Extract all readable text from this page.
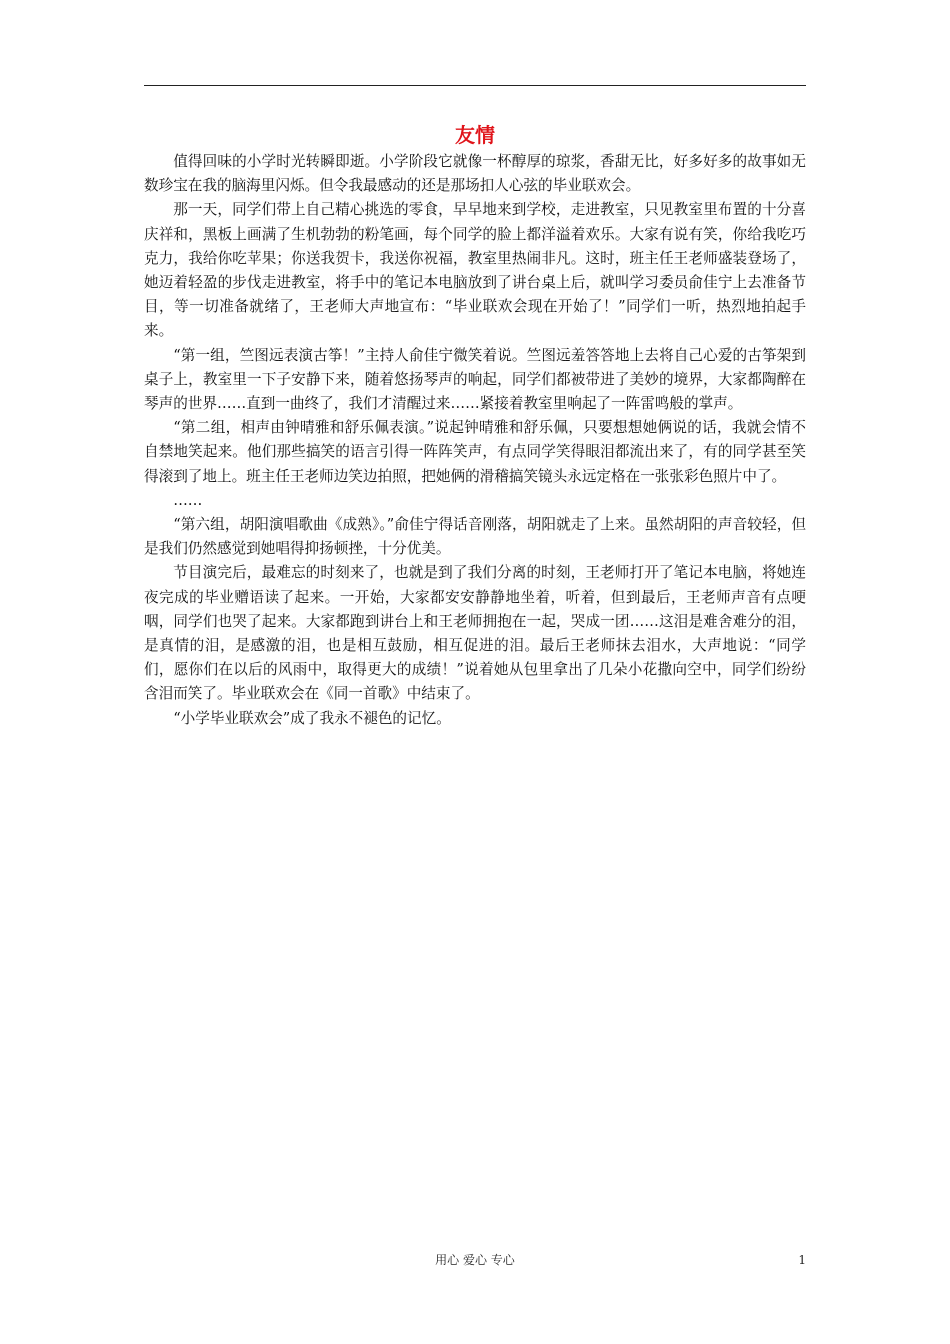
友情

值得回味的小学时光转瞬即逝。小学阶段它就像一杯醇厚的琼浆，香甜无比，好多好多的故事如无数珍宝在我的脑海里闪烁。但令我最感动的还是那场扣人心弦的毕业联欢会。

那一天，同学们带上自己精心挑选的零食，早早地来到学校，走进教室，只见教室里布置的十分喜庆祥和，黑板上画满了生机勃勃的粉笔画，每个同学的脸上都洋溢着欢乐。大家有说有笑，你给我吃巧克力，我给你吃苹果；你送我贺卡，我送你祝福，教室里热闹非凡。这时，班主任王老师盛装登场了，她迈着轻盈的步伐走进教室，将手中的笔记本电脑放到了讲台桌上后，就叫学习委员俞佳宁上去准备节目，等一切准备就绪了，王老师大声地宣布：“毕业联欢会现在开始了！”同学们一听，热烈地拍起手来。

“第一组，竺图远表演古筝！”主持人俞佳宁微笑着说。竺图远羞答答地上去将自己心爱的古筝架到桌子上，教室里一下子安静下来，随着悠扬琴声的响起，同学们都被带进了美妙的境界，大家都陶醉在琴声的世界……直到一曲终了，我们才清醒过来……紧接着教室里响起了一阵雷鸣般的掌声。

“第二组，相声由钟晴雅和舒乐佩表演。”说起钟晴雅和舒乐佩，只要想想她俩说的话，我就会情不自禁地笑起来。他们那些搞笑的语言引得一阵阵笑声，有点同学笑得眼泪都流出来了，有的同学甚至笑得滚到了地上。班主任王老师边笑边拍照，把她俩的滑稽搞笑镜头永远定格在一张张彩色照片中了。

……

“第六组，胡阳演唱歌曲《成熟》。”俞佳宁得话音刚落，胡阳就走了上来。虽然胡阳的声音较轻，但是我们仍然感觉到她唱得抑扬顿挫，十分优美。

节目演完后，最难忘的时刻来了，也就是到了我们分离的时刻，王老师打开了笔记本电脑，将她连夜完成的毕业赠语读了起来。一开始，大家都安安静静地坐着，听着，但到最后，王老师声音有点哽咽，同学们也哭了起来。大家都跑到讲台上和王老师拥抱在一起，哭成一团……这泪是难舍难分的泪，是真情的泪，是感激的泪，也是相互鼓励，相互促进的泪。最后王老师抹去泪水，大声地说：“同学们，愿你们在以后的风雨中，取得更大的成绩！”说着她从包里拿出了几朵小花撒向空中，同学们纷纷含泪而笑了。毕业联欢会在《同一首歌》中结束了。

“小学毕业联欢会”成了我永不褪色的记忆。

用心 爱心 专心	1
